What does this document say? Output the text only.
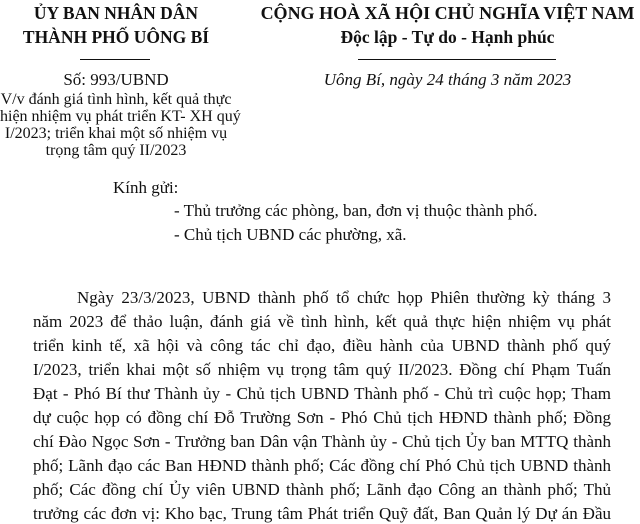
ỦY BAN NHÂN DÂN
THÀNH PHỐ UÔNG BÍ
CỘNG HOÀ XÃ HỘI CHỦ NGHĨA VIỆT NAM
Độc lập - Tự do - Hạnh phúc
Số: 993/UBND
V/v đánh giá tình hình, kết quả thực
hiện nhiệm vụ phát triển KT- XH quý
I/2023; triển khai một số nhiệm vụ
trọng tâm quý II/2023
Uông Bí, ngày 24 tháng 3 năm 2023
Kính gửi:
- Thủ trưởng các phòng, ban, đơn vị thuộc thành phố.
- Chủ tịch UBND các phường, xã.
Ngày 23/3/2023, UBND thành phố tổ chức họp Phiên thường kỳ tháng 3
năm 2023 để thảo luận, đánh giá về tình hình, kết quả thực hiện nhiệm vụ phát
triển kinh tế, xã hội và công tác chỉ đạo, điều hành của UBND thành phố quý
I/2023, triển khai một số nhiệm vụ trọng tâm quý II/2023. Đồng chí Phạm Tuấn
Đạt - Phó Bí thư Thành ủy - Chủ tịch UBND Thành phố - Chủ trì cuộc họp; Tham
dự cuộc họp có đồng chí Đỗ Trường Sơn - Phó Chủ tịch HĐND thành phố; Đồng
chí Đào Ngọc Sơn - Trưởng ban Dân vận Thành ủy - Chủ tịch Ủy ban MTTQ thành
phố; Lãnh đạo các Ban HĐND thành phố; Các đồng chí Phó Chủ tịch UBND thành
phố; Các đồng chí Ủy viên UBND thành phố; Lãnh đạo Công an thành phố; Thủ
trưởng các đơn vị: Kho bạc, Trung tâm Phát triển Quỹ đất, Ban Quản lý Dự án Đầu
